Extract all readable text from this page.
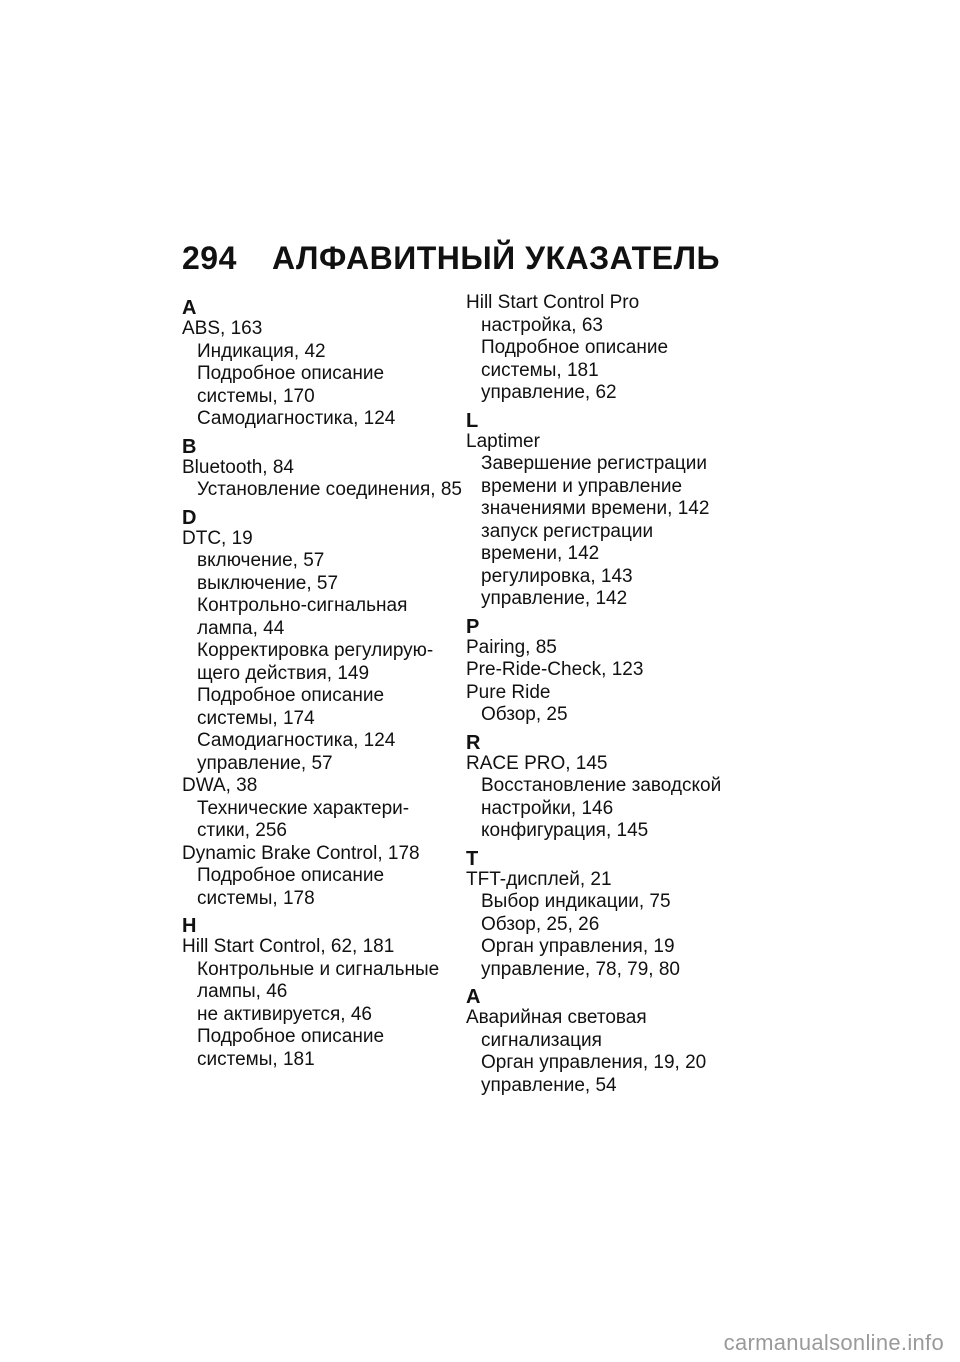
294	АЛФАВИТНЫЙ УКАЗАТЕЛЬ
A
ABS, 163
Индикация, 42
Подробное описание
системы, 170
Самодиагностика, 124
B
Bluetooth, 84
Установление соединения, 85
D
DTC, 19
включение, 57
выключение, 57
Контрольно-сигнальная
лампа, 44
Корректировка регулирую-
щего действия, 149
Подробное описание
системы, 174
Самодиагностика, 124
управление, 57
DWA, 38
Технические характери-
стики, 256
Dynamic Brake Control, 178
Подробное описание
системы, 178
H
Hill Start Control, 62, 181
Контрольные и сигнальные
лампы, 46
не активируется, 46
Подробное описание
системы, 181
Hill Start Control Pro
настройка, 63
Подробное описание
системы, 181
управление, 62
L
Laptimer
Завершение регистрации
времени и управление
значениями времени, 142
запуск регистрации
времени, 142
регулировка, 143
управление, 142
P
Pairing, 85
Pre-Ride-Check, 123
Pure Ride
Обзор, 25
R
RACE PRO, 145
Восстановление заводской
настройки, 146
конфигурация, 145
T
TFT-дисплей, 21
Выбор индикации, 75
Обзор, 25, 26
Орган управления, 19
управление, 78, 79, 80
А
Аварийная световая
сигнализация
Орган управления, 19, 20
управление, 54
carmanualsonline.info
